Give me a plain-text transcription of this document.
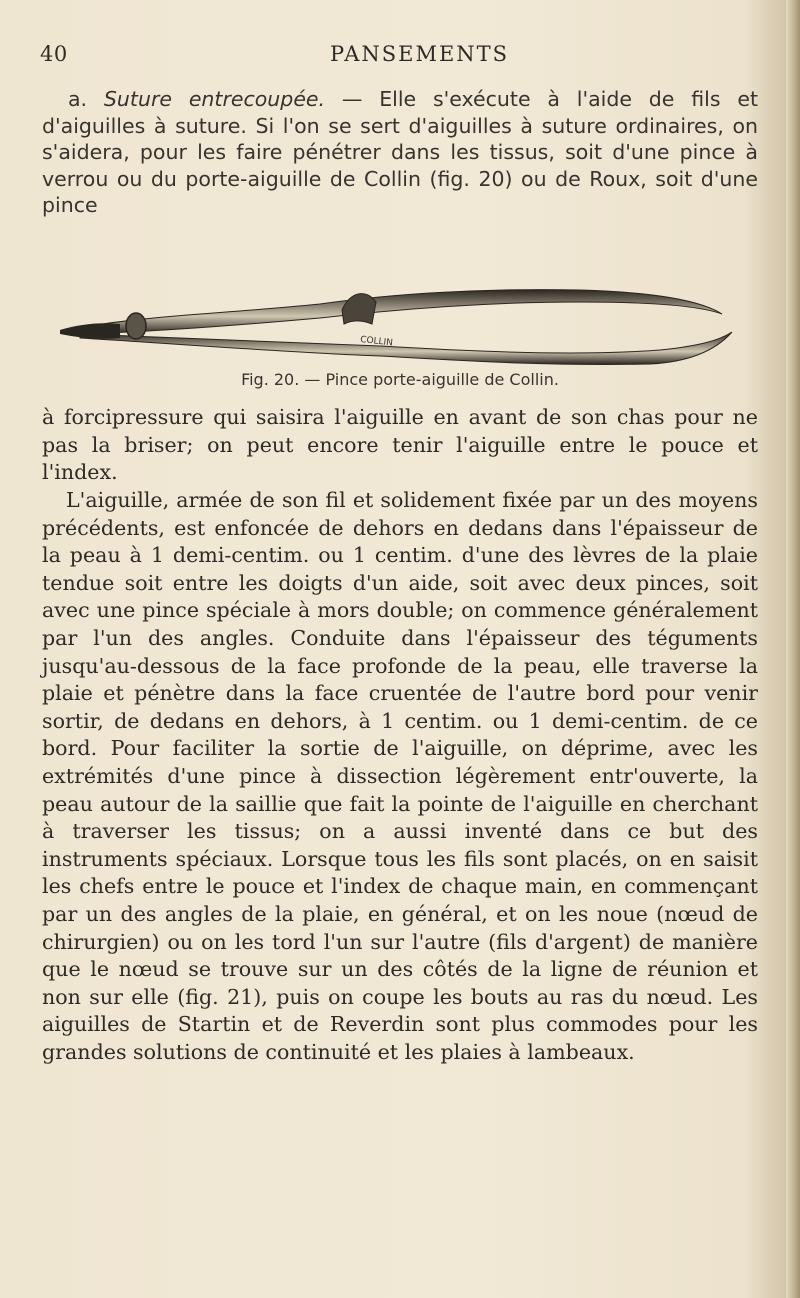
40	PANSEMENTS
a. Suture entrecoupée. — Elle s'exécute à l'aide de fils et d'aiguilles à suture. Si l'on se sert d'aiguilles à suture ordinaires, on s'aidera, pour les faire pénétrer dans les tissus, soit d'une pince à verrou ou du porte-aiguille de Collin (fig. 20) ou de Roux, soit d'une pince
COLLIN
Fig. 20. — Pince porte-aiguille de Collin.
à forcipressure qui saisira l'aiguille en avant de son chas pour ne pas la briser; on peut encore tenir l'aiguille entre le pouce et l'index.
L'aiguille, armée de son fil et solidement fixée par un des moyens précédents, est enfoncée de dehors en dedans dans l'épaisseur de la peau à 1 demi-centim. ou 1 centim. d'une des lèvres de la plaie tendue soit entre les doigts d'un aide, soit avec deux pinces, soit avec une pince spéciale à mors double; on commence généralement par l'un des angles. Conduite dans l'épaisseur des téguments jusqu'au-dessous de la face profonde de la peau, elle traverse la plaie et pénètre dans la face cruentée de l'autre bord pour venir sortir, de dedans en dehors, à 1 centim. ou 1 demi-centim. de ce bord. Pour faciliter la sortie de l'aiguille, on déprime, avec les extrémités d'une pince à dissection légèrement entr'ouverte, la peau autour de la saillie que fait la pointe de l'aiguille en cherchant à traverser les tissus; on a aussi inventé dans ce but des instruments spéciaux. Lorsque tous les fils sont placés, on en saisit les chefs entre le pouce et l'index de chaque main, en commençant par un des angles de la plaie, en général, et on les noue (nœud de chirurgien) ou on les tord l'un sur l'autre (fils d'argent) de manière que le nœud se trouve sur un des côtés de la ligne de réunion et non sur elle (fig. 21), puis on coupe les bouts au ras du nœud. Les aiguilles de Startin et de Reverdin sont plus commodes pour les grandes solutions de continuité et les plaies à lambeaux.
